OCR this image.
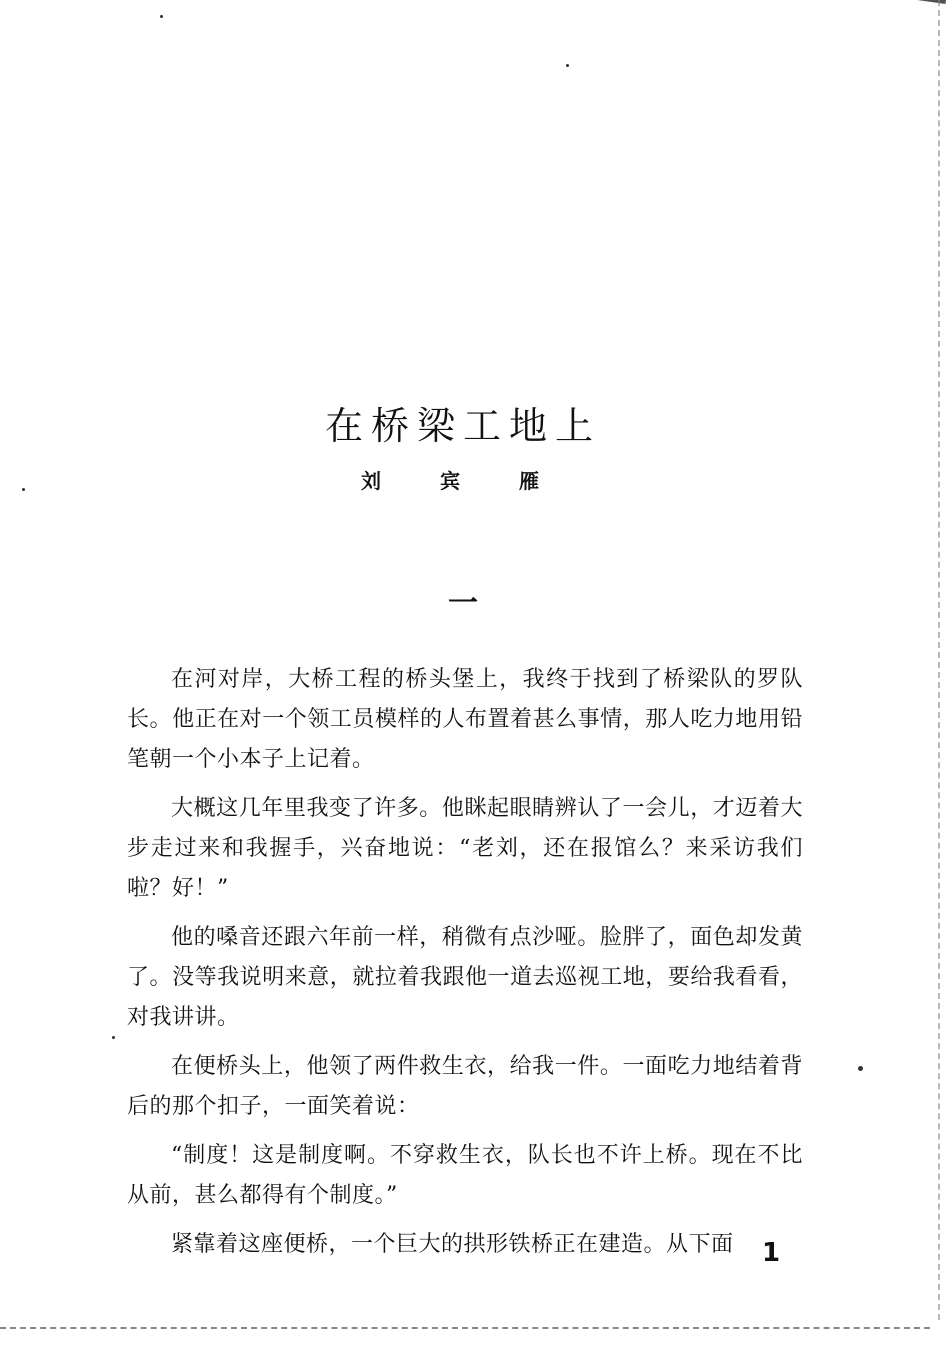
在桥梁工地上
刘 宾 雁
一

在河对岸，大桥工程的桥头堡上，我终于找到了桥梁队的罗队长。他正在对一个领工员模样的人布置着甚么事情，那人吃力地用铅笔朝一个小本子上记着。

大概这几年里我变了许多。他眯起眼睛辨认了一会儿，才迈着大步走过来和我握手，兴奋地说：“老刘，还在报馆么？来采访我们啦？好！”

他的嗓音还跟六年前一样，稍微有点沙哑。脸胖了，面色却发黄了。没等我说明来意，就拉着我跟他一道去巡视工地，要给我看看，对我讲讲。

在便桥头上，他领了两件救生衣，给我一件。一面吃力地结着背后的那个扣子，一面笑着说：

“制度！这是制度啊。不穿救生衣，队长也不许上桥。现在不比从前，甚么都得有个制度。”

紧靠着这座便桥，一个巨大的拱形铁桥正在建造。从下面	1
